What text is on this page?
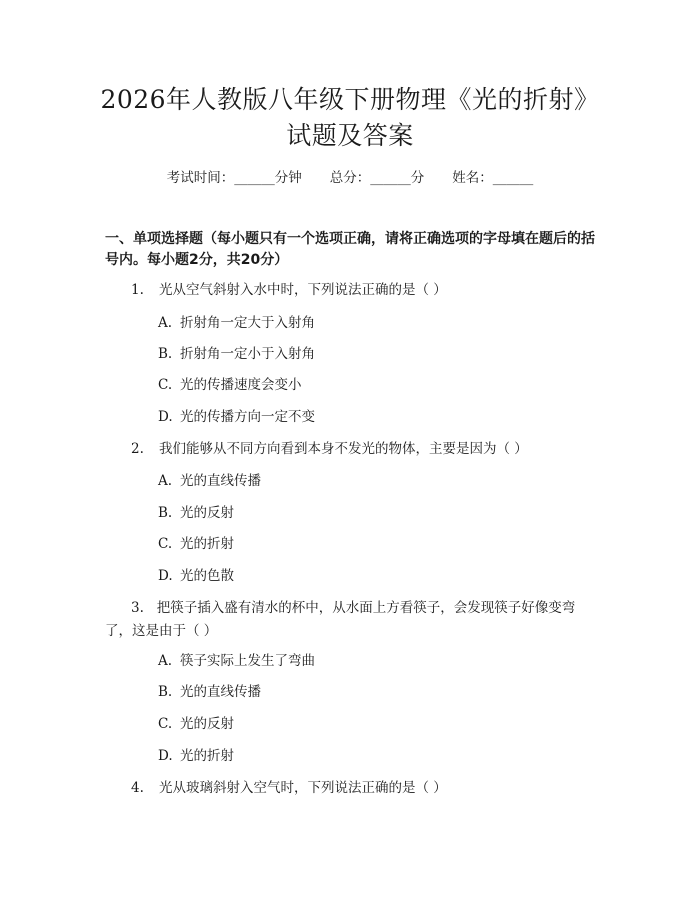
2026年人教版八年级下册物理《光的折射》
试题及答案
考试时间：______分钟 总分：______分 姓名：______
一、单项选择题（每小题只有一个选项正确，请将正确选项的字母填在题后的括号内。每小题2分，共20分）
1. 光从空气斜射入水中时，下列说法正确的是（ ）
A. 折射角一定大于入射角
B. 折射角一定小于入射角
C. 光的传播速度会变小
D. 光的传播方向一定不变
2. 我们能够从不同方向看到本身不发光的物体，主要是因为（ ）
A. 光的直线传播
B. 光的反射
C. 光的折射
D. 光的色散
3. 把筷子插入盛有清水的杯中，从水面上方看筷子，会发现筷子好像变弯了，这是由于（ ）
A. 筷子实际上发生了弯曲
B. 光的直线传播
C. 光的反射
D. 光的折射
4. 光从玻璃斜射入空气时，下列说法正确的是（ ）
